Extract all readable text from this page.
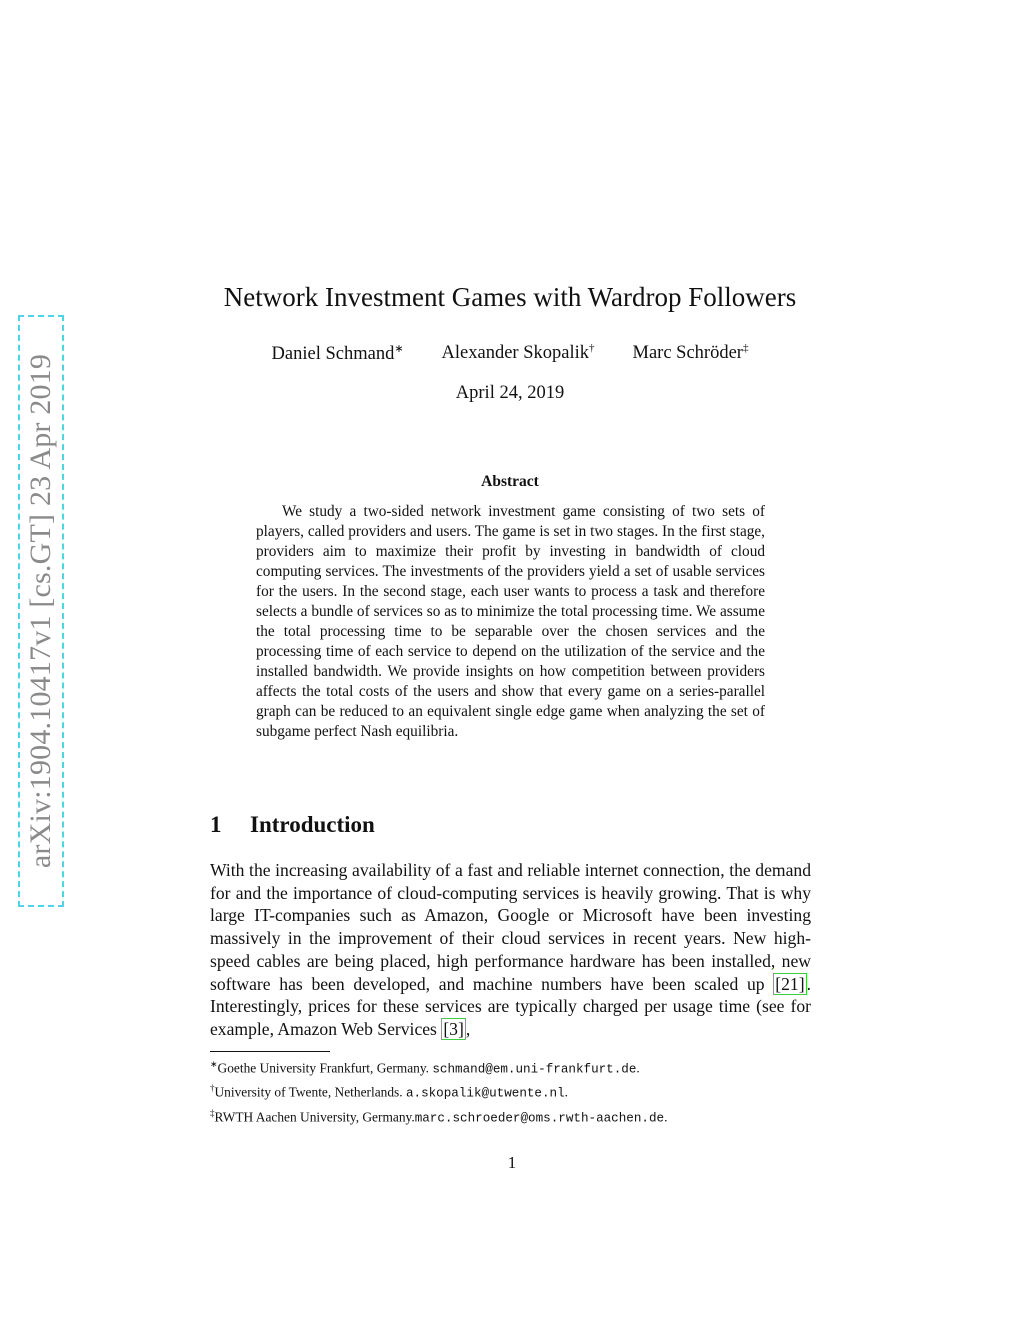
arXiv:1904.10417v1 [cs.GT] 23 Apr 2019
Network Investment Games with Wardrop Followers
Daniel Schmand∗ Alexander Skopalik† Marc Schröder‡
April 24, 2019
Abstract

We study a two-sided network investment game consisting of two sets of players, called providers and users. The game is set in two stages. In the first stage, providers aim to maximize their profit by investing in bandwidth of cloud computing services. The investments of the providers yield a set of usable services for the users. In the second stage, each user wants to process a task and therefore selects a bundle of services so as to minimize the total processing time. We assume the total processing time to be separable over the chosen services and the processing time of each service to depend on the utilization of the service and the installed bandwidth. We provide insights on how competition between providers affects the total costs of the users and show that every game on a series-parallel graph can be reduced to an equivalent single edge game when analyzing the set of subgame perfect Nash equilibria.

1 Introduction

With the increasing availability of a fast and reliable internet connection, the demand for and the importance of cloud-computing services is heavily growing. That is why large IT-companies such as Amazon, Google or Microsoft have been investing massively in the improvement of their cloud services in recent years. New high-speed cables are being placed, high performance hardware has been installed, new software has been developed, and machine numbers have been scaled up [21] . Interestingly, prices for these services are typically charged per usage time (see for example, Amazon Web Services [3] ,

∗Goethe University Frankfurt, Germany. schmand@em.uni-frankfurt.de.
†University of Twente, Netherlands. a.skopalik@utwente.nl.
‡RWTH Aachen University, Germany.marc.schroeder@oms.rwth-aachen.de.
1
